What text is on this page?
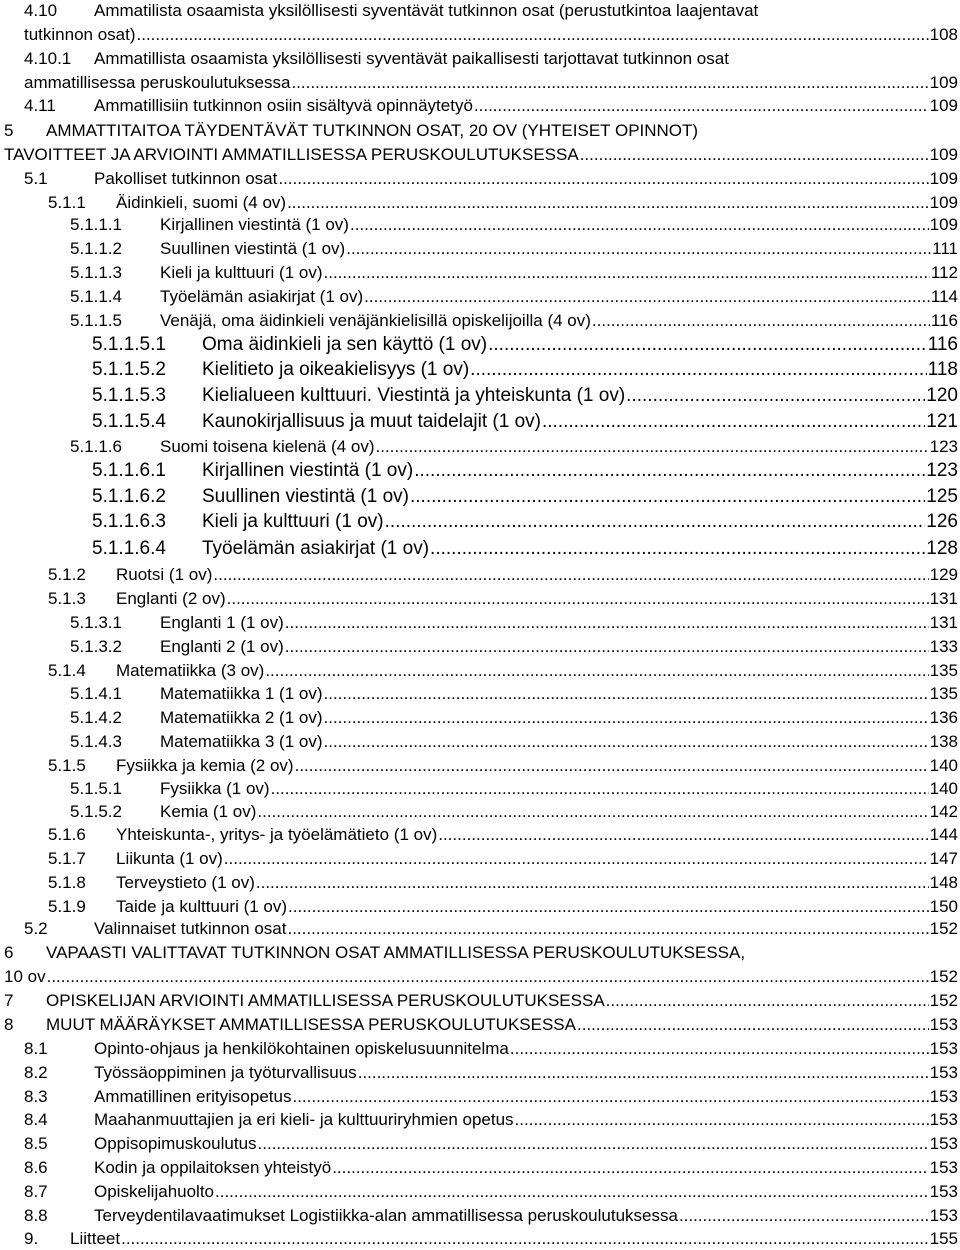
4.10 Ammatilista osaamista yksilöllisesti syventävät tutkinnon osat (perustutkintoa laajentavat
tutkinnon osat) .....	108
4.10.1 Ammatillista osaamista yksilöllisesti syventävät paikallisesti tarjottavat tutkinnon osat
ammatillisessa peruskoulutuksessa .....	109
4.11 Ammatillisiin tutkinnon osiin sisältyvä opinnäytetyö .....	109
5 AMMATTITAITOA TÄYDENTÄVÄT TUTKINNON OSAT, 20 OV (YHTEISET OPINNOT)
TAVOITTEET JA ARVIOINTI AMMATILLISESSA PERUSKOULUTUKSESSA .....	109
5.1	Pakolliset tutkinnon osat .....	109
5.1.1 Äidinkieli, suomi (4 ov) .....	109
5.1.1.1 Kirjallinen viestintä (1 ov) .....	109
5.1.1.2 Suullinen viestintä (1 ov) .....	111
5.1.1.3 Kieli ja kulttuuri (1 ov) .....	112
5.1.1.4 Työelämän asiakirjat (1 ov) .....	114
5.1.1.5 Venäjä, oma äidinkieli venäjänkielisillä opiskelijoilla (4 ov) .....	116
5.1.1.5.1 Oma äidinkieli ja sen käyttö (1 ov) .....	116
5.1.1.5.2 Kielitieto ja oikeakielisyys (1 ov) .....	118
5.1.1.5.3 Kielialueen kulttuuri. Viestintä ja yhteiskunta (1 ov) .....	120
5.1.1.5.4 Kaunokirjallisuus ja muut taidelajit (1 ov) .....	121
5.1.1.6 Suomi toisena kielenä (4 ov) .....	123
5.1.1.6.1 Kirjallinen viestintä (1 ov) .....	123
5.1.1.6.2 Suullinen viestintä (1 ov) .....	125
5.1.1.6.3 Kieli ja kulttuuri (1 ov) .....	126
5.1.1.6.4 Työelämän asiakirjat (1 ov) .....	128
5.1.2 Ruotsi (1 ov) .....	129
5.1.3 Englanti (2 ov) .....	131
5.1.3.1 Englanti 1 (1 ov) .....	131
5.1.3.2 Englanti 2 (1 ov) .....	133
5.1.4 Matematiikka (3 ov) .....	135
5.1.4.1 Matematiikka 1 (1 ov) .....	135
5.1.4.2 Matematiikka 2 (1 ov) .....	136
5.1.4.3 Matematiikka 3 (1 ov) .....	138
5.1.5 Fysiikka ja kemia (2 ov) .....	140
5.1.5.1 Fysiikka (1 ov) .....	140
5.1.5.2 Kemia (1 ov) .....	142
5.1.6 Yhteiskunta-, yritys- ja työelämätieto (1 ov) .....	144
5.1.7 Liikunta (1 ov) .....	147
5.1.8 Terveystieto (1 ov) .....	148
5.1.9 Taide ja kulttuuri (1 ov) .....	150
5.2	Valinnaiset tutkinnon osat .....	152
6 VAPAASTI VALITTAVAT TUTKINNON OSAT AMMATILLISESSA PERUSKOULUTUKSESSA,
10 ov .....	152
7 OPISKELIJAN ARVIOINTI AMMATILLISESSA PERUSKOULUTUKSESSA .....	152
8 MUUT MÄÄRÄYKSET AMMATILLISESSA PERUSKOULUTUKSESSA .....	153
8.1	Opinto-ohjaus ja henkilökohtainen opiskelusuunnitelma .....	153
8.2	Työssäoppiminen ja työturvallisuus .....	153
8.3	Ammatillinen erityisopetus .....	153
8.4	Maahanmuuttajien ja eri kieli- ja kulttuuriryhmien opetus .....	153
8.5	Oppisopimuskoulutus .....	153
8.6	Kodin ja oppilaitoksen yhteistyö .....	153
8.7	Opiskelijahuolto .....	153
8.8	Terveydentilavaatimukset Logistiikka-alan ammatillisessa peruskoulutuksessa .....	153
9. Liitteet .....	155
